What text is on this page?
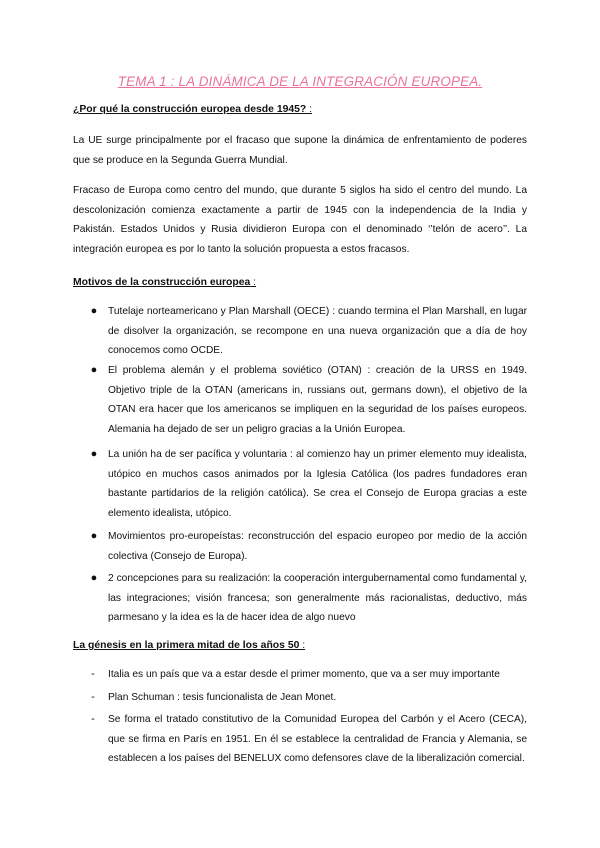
TEMA 1 : LA DINÁMICA DE LA INTEGRACIÓN EUROPEA.
¿Por qué la construcción europea desde 1945? :

La UE surge principalmente por el fracaso que supone la dinámica de enfrentamiento de poderes que se produce en la Segunda Guerra Mundial.

Fracaso de Europa como centro del mundo, que durante 5 siglos ha sido el centro del mundo. La descolonización comienza exactamente a partir de 1945 con la independencia de la India y Pakistán. Estados Unidos y Rusia dividieron Europa con el denominado ‘’telón de acero’’. La integración europea es por lo tanto la solución propuesta a estos fracasos.

Motivos de la construcción europea :
● Tutelaje norteamericano y Plan Marshall (OECE) : cuando termina el Plan Marshall, en lugar de disolver la organización, se recompone en una nueva organización que a día de hoy conocemos como OCDE.

● El problema alemán y el problema soviético (OTAN) : creación de la URSS en 1949. Objetivo triple de la OTAN (americans in, russians out, germans down), el objetivo de la OTAN era hacer que los americanos se impliquen en la seguridad de los países europeos. Alemania ha dejado de ser un peligro gracias a la Unión Europea.

● La unión ha de ser pacífica y voluntaria : al comienzo hay un primer elemento muy idealista, utópico en muchos casos animados por la Iglesia Católica (los padres fundadores eran bastante partidarios de la religión católica). Se crea el Consejo de Europa gracias a este elemento idealista, utópico.

● Movimientos pro-europeístas: reconstrucción del espacio europeo por medio de la acción colectiva (Consejo de Europa).

● 2 concepciones para su realización: la cooperación intergubernamental como fundamental y, las integraciones; visión francesa; son generalmente más racionalistas, deductivo, más parmesano y la idea es la de hacer idea de algo nuevo

La génesis en la primera mitad de los años 50 :
-	Italia es un país que va a estar desde el primer momento, que va a ser muy importante

-	Plan Schuman : tesis funcionalista de Jean Monet.

-	Se forma el tratado constitutivo de la Comunidad Europea del Carbón y el Acero (CECA), que se firma en París en 1951. En él se establece la centralidad de Francia y Alemania, se establecen a los países del BENELUX como defensores clave de la liberalización comercial.
